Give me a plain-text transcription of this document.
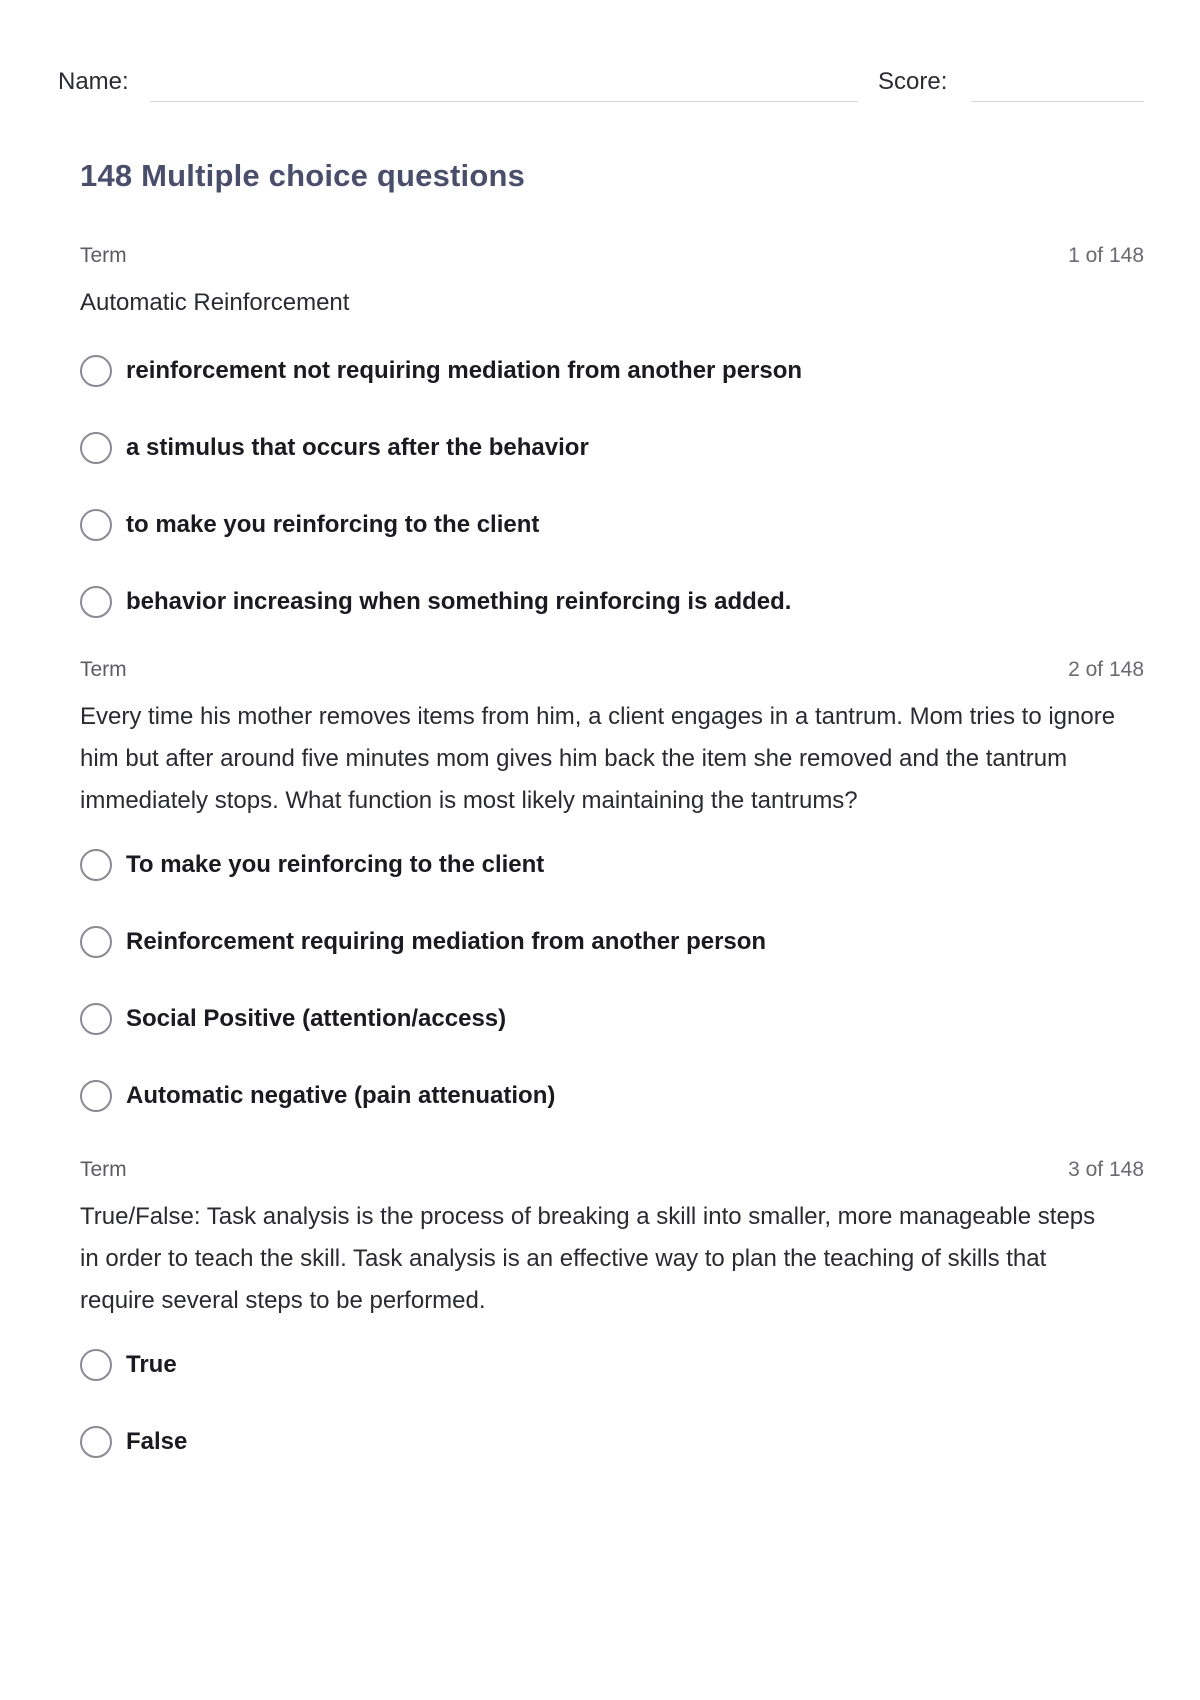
Name:	Score:
148 Multiple choice questions
Term	1 of 148
Automatic Reinforcement
reinforcement not requiring mediation from another person
a stimulus that occurs after the behavior
to make you reinforcing to the client
behavior increasing when something reinforcing is added.
Term	2 of 148
Every time his mother removes items from him, a client engages in a tantrum. Mom tries to ignore him but after around five minutes mom gives him back the item she removed and the tantrum immediately stops. What function is most likely maintaining the tantrums?
To make you reinforcing to the client
Reinforcement requiring mediation from another person
Social Positive (attention/access)
Automatic negative (pain attenuation)
Term	3 of 148
True/False: Task analysis is the process of breaking a skill into smaller, more manageable steps in order to teach the skill. Task analysis is an effective way to plan the teaching of skills that require several steps to be performed.
True
False
